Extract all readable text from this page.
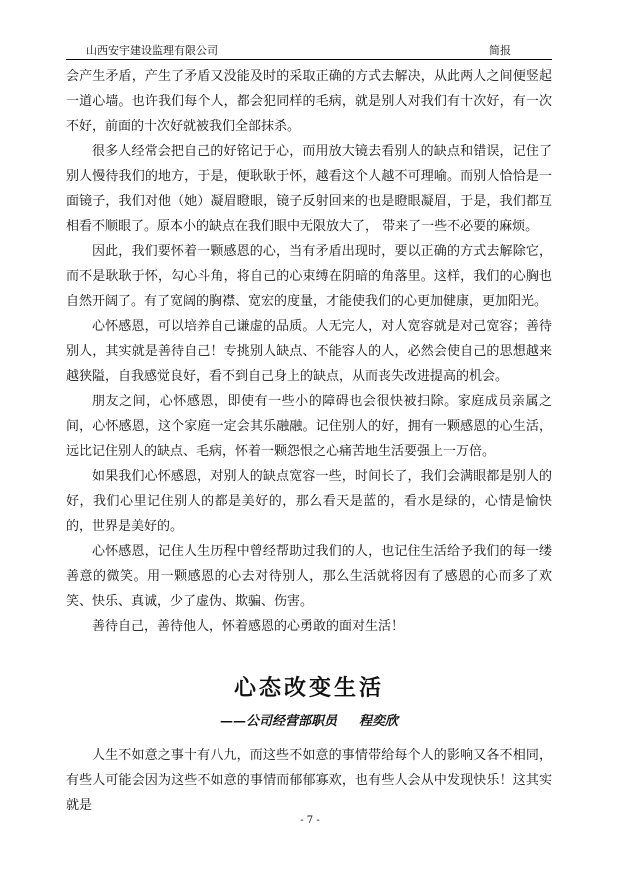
山西安宇建设监理有限公司	简报

会产生矛盾，产生了矛盾又没能及时的采取正确的方式去解决，从此两人之间便竖起一道心墙。也许我们每个人，都会犯同样的毛病，就是别人对我们有十次好，有一次不好，前面的十次好就被我们全部抹杀。

很多人经常会把自己的好铭记于心，而用放大镜去看别人的缺点和错误，记住了别人慢待我们的地方，于是，便耿耿于怀，越看这个人越不可理喻。而别人恰恰是一面镜子，我们对他（她）凝眉瞪眼，镜子反射回来的也是瞪眼凝眉，于是，我们都互相看不顺眼了。原本小的缺点在我们眼中无限放大了， 带来了一些不必要的麻烦。

因此，我们要怀着一颗感恩的心，当有矛盾出现时，要以正确的方式去解除它，而不是耿耿于怀，勾心斗角，将自己的心束缚在阴暗的角落里。这样，我们的心胸也自然开阔了。有了宽阔的胸襟、宽宏的度量，才能使我们的心更加健康，更加阳光。

心怀感恩，可以培养自己谦虚的品质。人无完人，对人宽容就是对己宽容；善待别人，其实就是善待自己！专挑别人缺点、不能容人的人，必然会使自己的思想越来越狭隘，自我感觉良好，看不到自己身上的缺点，从而丧失改进提高的机会。

朋友之间，心怀感恩，即使有一些小的障碍也会很快被扫除。家庭成员亲属之间，心怀感恩，这个家庭一定会其乐融融。记住别人的好，拥有一颗感恩的心生活，远比记住别人的缺点、毛病，怀着一颗怨恨之心痛苦地生活要强上一万倍。

如果我们心怀感恩，对别人的缺点宽容一些，时间长了，我们会满眼都是别人的好，我们心里记住别人的都是美好的，那么看天是蓝的，看水是绿的，心情是愉快的，世界是美好的。

心怀感恩，记住人生历程中曾经帮助过我们的人，也记住生活给予我们的每一缕善意的微笑。用一颗感恩的心去对待别人，那么生活就将因有了感恩的心而多了欢笑、快乐、真诚，少了虚伪、欺骗、伤害。

善待自己，善待他人，怀着感恩的心勇敢的面对生活！

心态改变生活
——公司经营部职员 程奕欣

人生不如意之事十有八九，而这些不如意的事情带给每个人的影响又各不相同，有些人可能会因为这些不如意的事情而郁郁寡欢，也有些人会从中发现快乐！这其实就是

- 7 -
